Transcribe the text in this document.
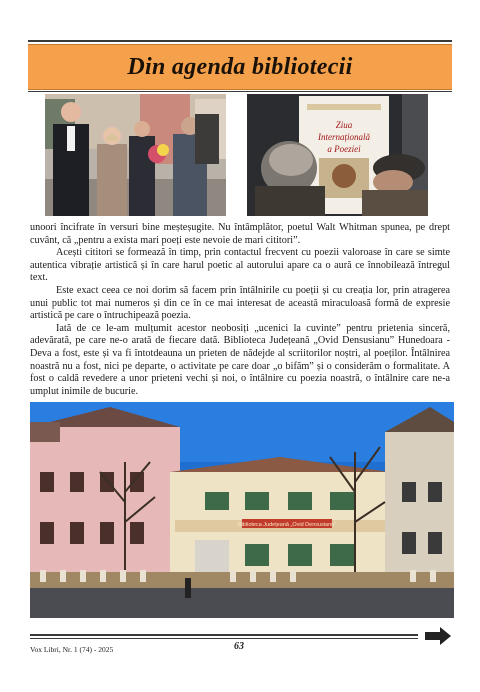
Din agenda bibliotecii
Ziua
Internațională
a Poeziei

unoori încifrate în versuri bine meșteșugite. Nu întâmplător, poetul Walt Whitman spunea, pe drept cuvânt, că „pentru a exista mari poeți este nevoie de mari cititori”.

Acești cititori se formează în timp, prin contactul frecvent cu poezii valoroase în care se simte autentica vibrație artistică și în care harul poetic al autorului apare ca o aură ce înnobilează întregul text.

Este exact ceea ce noi dorim să facem prin întâlnirile cu poeții și cu creația lor, prin atragerea unui public tot mai numeros și din ce în ce mai interesat de această miraculoasă formă de expresie artistică pe care o întruchipează poezia.

Iată de ce le-am mulțumit acestor neobosiți „ucenici la cuvinte” pentru prietenia sinceră, adevărată, pe care ne-o arată de fiecare dată. Biblioteca Județeană „Ovid Densusianu” Hunedoara - Deva a fost, este și va fi întotdeauna un prieten de nădejde al scriitorilor noștri, al poeților. Întâlnirea noastră nu a fost, nici pe departe, o activitate pe care doar „o bifăm” și o considerăm o formalitate. A fost o caldă revedere a unor prieteni vechi și noi, o întâlnire cu poezia noastră, o întâlnire care ne-a umplut inimile de bucurie.

Biblioteca Județeană „Ovid Densusianu”
Vox Libri, Nr. 1 (74) - 2025	63
